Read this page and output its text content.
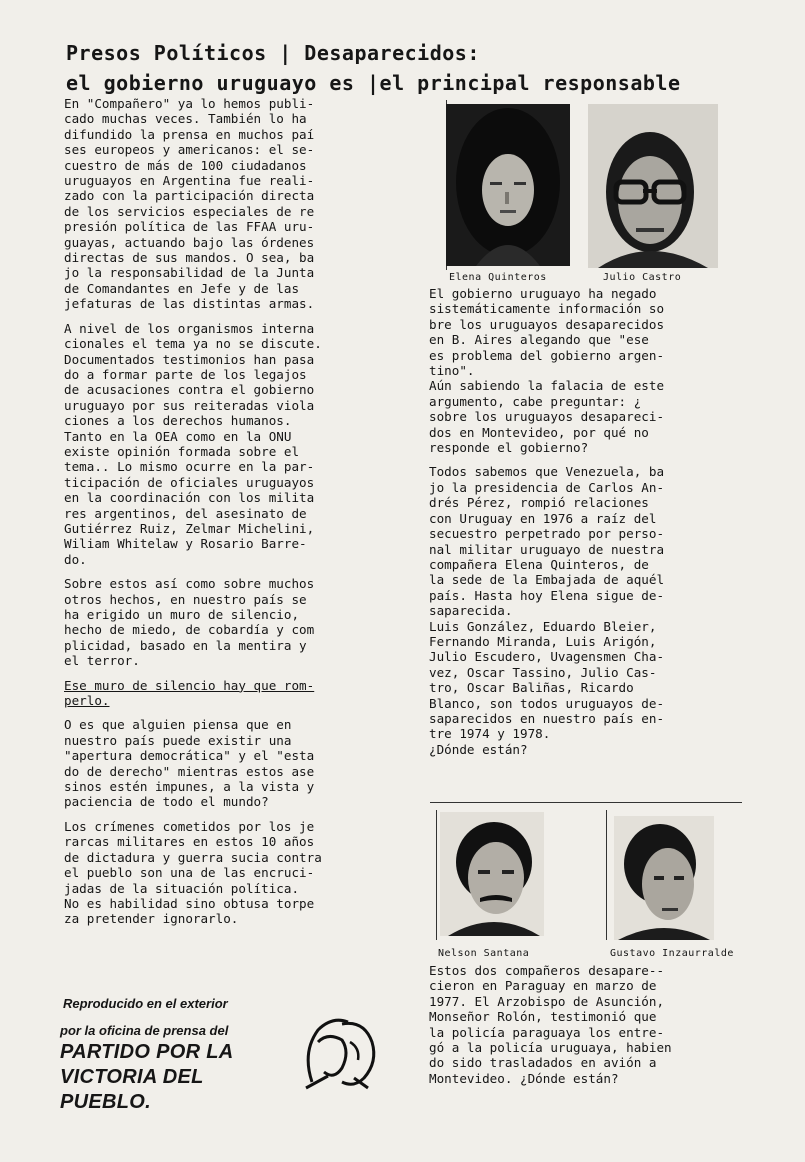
Presos Políticos | Desaparecidos:
el gobierno uruguayo es |el principal responsable

En "Compañero" ya lo hemos publi-
cado muchas veces. También lo ha
difundido la prensa en muchos paí
ses europeos y americanos: el se-
cuestro de más de 100 ciudadanos
uruguayos en Argentina fue reali-
zado con la participación directa
de los servicios especiales de re
presión política de las FFAA uru-
guayas, actuando bajo las órdenes
directas de sus mandos. O sea, ba
jo la responsabilidad de la Junta
de Comandantes en Jefe y de las
jefaturas de las distintas armas.

A nivel de los organismos interna
cionales el tema ya no se discute.
Documentados testimonios han pasa
do a formar parte de los legajos
de acusaciones contra el gobierno
uruguayo por sus reiteradas viola
ciones a los derechos humanos.
Tanto en la OEA como en la ONU
existe opinión formada sobre el
tema.. Lo mismo ocurre en la par-
ticipación de oficiales uruguayos
en la coordinación con los milita
res argentinos, del asesinato de
Gutiérrez Ruiz, Zelmar Michelini,
Wiliam Whitelaw y Rosario Barre-
do.

Sobre estos así como sobre muchos
otros hechos, en nuestro país se
ha erigido un muro de silencio,
hecho de miedo, de cobardía y com
plicidad, basado en la mentira y
el terror.

Ese muro de silencio hay que rom-
perlo.

O es que alguien piensa que en
nuestro país puede existir una
"apertura democrática" y el "esta
do de derecho" mientras estos ase
sinos estén impunes, a la vista y
paciencia de todo el mundo?

Los crímenes cometidos por los je
rarcas militares en estos 10 años
de dictadura y guerra sucia contra
el pueblo son una de las encruci-
jadas de la situación política.
No es habilidad sino obtusa torpe
za pretender ignorarlo.

Elena Quinteros	Julio Castro

El gobierno uruguayo ha negado
sistemáticamente información so
bre los uruguayos desaparecidos
en B. Aires alegando que "ese
es problema del gobierno argen-
tino".
Aún sabiendo la falacia de este
argumento, cabe preguntar: ¿
sobre los uruguayos desapareci-
dos en Montevideo, por qué no
responde el gobierno?

Todos sabemos que Venezuela, ba
jo la presidencia de Carlos An-
drés Pérez, rompió relaciones
con Uruguay en 1976 a raíz del
secuestro perpetrado por perso-
nal militar uruguayo de nuestra
compañera Elena Quinteros, de
la sede de la Embajada de aquél
país. Hasta hoy Elena sigue de-
saparecida.
Luis González, Eduardo Bleier,
Fernando Miranda, Luis Arigón,
Julio Escudero, Uvagensmen Cha-
vez, Oscar Tassino, Julio Cas-
tro, Oscar Baliñas, Ricardo
Blanco, son todos uruguayos de-
saparecidos en nuestro país en-
tre 1974 y 1978.
¿Dónde están?

Nelson Santana	Gustavo Inzaurralde

Estos dos compañeros desapare--
cieron en Paraguay en marzo de
1977. El Arzobispo de Asunción,
Monseñor Rolón, testimonió que
la policía paraguaya los entre-
gó a la policía uruguaya, habien
do sido trasladados en avión a
Montevideo. ¿Dónde están?

Reproducido en el exterior
por la oficina de prensa del
PARTIDO POR LA
VICTORIA DEL
PUEBLO.
